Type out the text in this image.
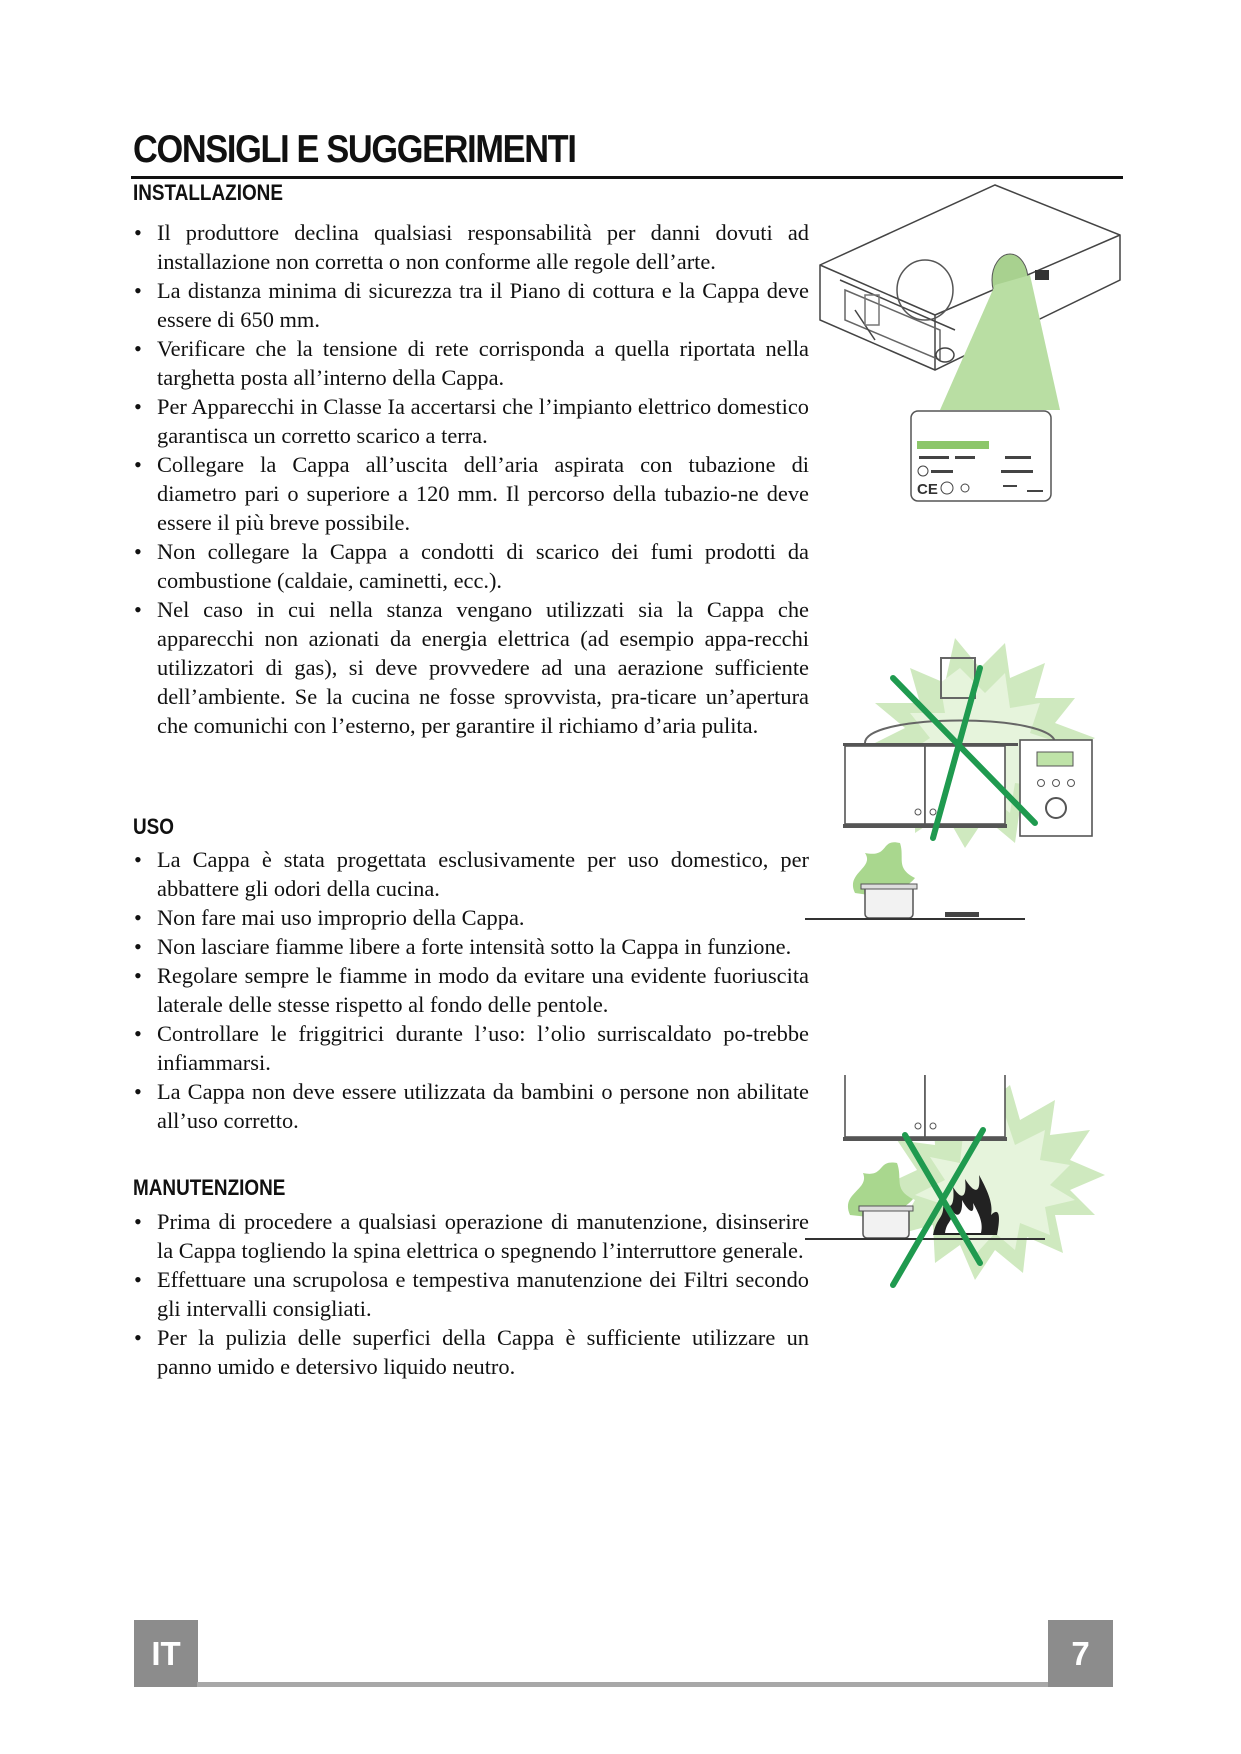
CONSIGLI E SUGGERIMENTI
INSTALLAZIONE
• Il produttore declina qualsiasi responsabilità per danni dovuti ad installazione non corretta o non conforme alle regole dell’arte.
• La distanza minima di sicurezza tra il Piano di cottura e la Cappa deve essere di 650 mm.
• Verificare che la tensione di rete corrisponda a quella riportata nella targhetta posta all’interno della Cappa.
• Per Apparecchi in Classe Ia accertarsi che l’impianto elettrico domestico garantisca un corretto scarico a terra.
• Collegare la Cappa all’uscita dell’aria aspirata con tubazione di diametro pari o superiore a 120 mm. Il percorso della tubazio-ne deve essere il più breve possibile.
• Non collegare la Cappa a condotti di scarico dei fumi prodotti da combustione (caldaie, caminetti, ecc.).
• Nel caso in cui nella stanza vengano utilizzati sia la Cappa che apparecchi non azionati da energia elettrica (ad esempio appa-recchi utilizzatori di gas), si deve provvedere ad una aerazione sufficiente dell’ambiente. Se la cucina ne fosse sprovvista, pra-ticare un’apertura che comunichi con l’esterno, per garantire il richiamo d’aria pulita.
USO
• La Cappa è stata progettata esclusivamente per uso domestico, per abbattere gli odori della cucina.
• Non fare mai uso improprio della Cappa.
• Non lasciare fiamme libere a forte intensità sotto la Cappa in funzione.
• Regolare sempre le fiamme in modo da evitare una evidente fuoriuscita laterale delle stesse rispetto al fondo delle pentole.
• Controllare le friggitrici durante l’uso: l’olio surriscaldato po-trebbe infiammarsi.
• La Cappa non deve essere utilizzata da bambini o persone non abilitate all’uso corretto.
MANUTENZIONE
• Prima di procedere a qualsiasi operazione di manutenzione, disinserire la Cappa togliendo la spina elettrica o spegnendo l’interruttore generale.
• Effettuare una scrupolosa e tempestiva manutenzione dei Filtri secondo gli intervalli consigliati.
• Per la pulizia delle superfici della Cappa è sufficiente utilizzare un panno umido e detersivo liquido neutro.
CE
IT	7
